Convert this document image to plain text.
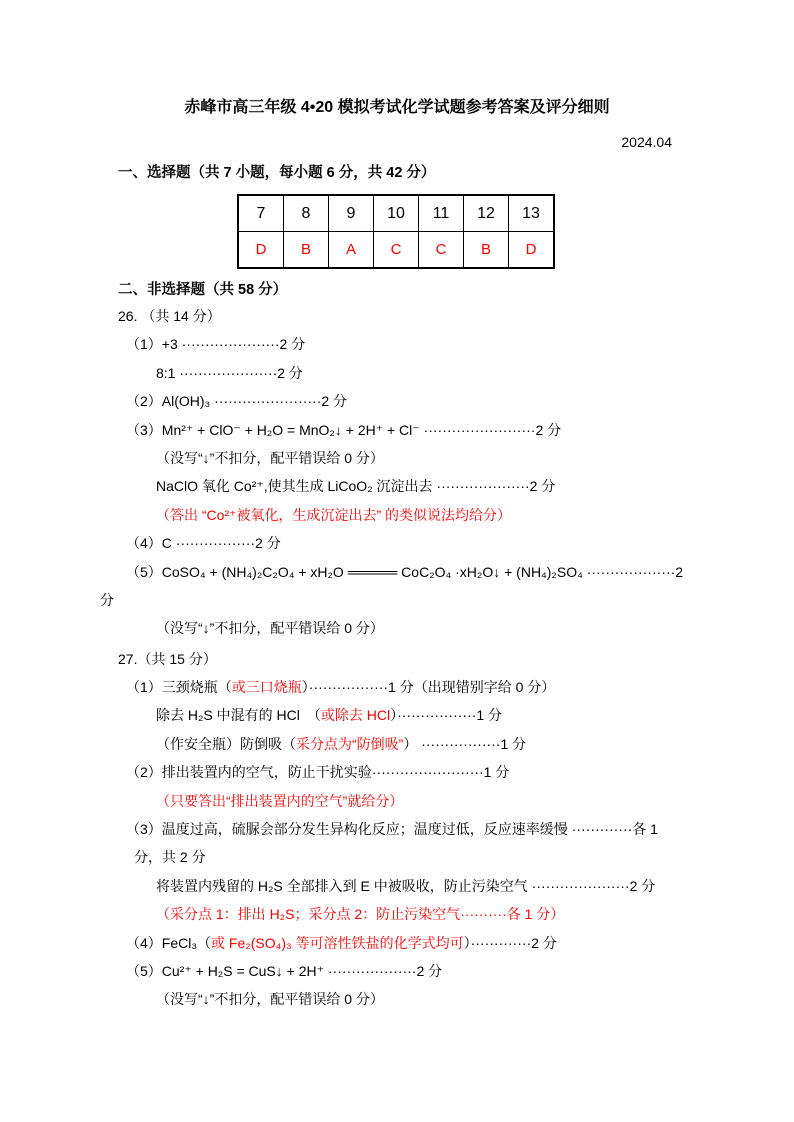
赤峰市高三年级 4•20 模拟考试化学试题参考答案及评分细则
2024.04
一、选择题（共 7 小题，每小题 6 分，共 42 分）
7	8	9	10	11	12	13
D	B	A	C	C	B	D
二、非选择题（共 58 分）
26. （共 14 分）
（1）+3 ·····················2 分
8:1 ·····················2 分
（2）Al(OH)₃ ·······················2 分
（3）Mn²⁺ + ClO⁻ + H₂O = MnO₂↓ + 2H⁺ + Cl⁻ ························2 分
（没写“↓”不扣分，配平错误给 0 分）
NaClO 氧化 Co²⁺,使其生成 LiCoO₂ 沉淀出去 ····················2 分
（答出 “Co²⁺被氧化，生成沉淀出去” 的类似说法均给分）
（4）C ·················2 分
（5）CoSO₄ + (NH₄)₂C₂O₄ + xH₂O ═════ CoC₂O₄ ·xH₂O↓ + (NH₄)₂SO₄ ···················2
分
（没写“↓”不扣分，配平错误给 0 分）
27.（共 15 分）
（1）三颈烧瓶（或三口烧瓶）·················1 分（出现错别字给 0 分）
除去 H₂S 中混有的 HCl　（或除去 HCl）·················1 分
（作安全瓶）防倒吸（采分点为“防倒吸”） ·················1 分
（2）排出装置内的空气，防止干扰实验························1 分
（只要答出“排出装置内的空气”就给分）
（3）温度过高，硫脲会部分发生异构化反应；温度过低，反应速率缓慢 ·············各 1
分，共 2 分
将装置内残留的 H₂S 全部排入到 E 中被吸收，防止污染空气 ·····················2 分
（采分点 1：排出 H₂S；采分点 2：防止污染空气··········各 1 分）
（4）FeCl₃（或 Fe₂(SO₄)₃ 等可溶性铁盐的化学式均可）·············2 分
（5）Cu²⁺ + H₂S = CuS↓ + 2H⁺ ···················2 分
（没写“↓”不扣分，配平错误给 0 分）
